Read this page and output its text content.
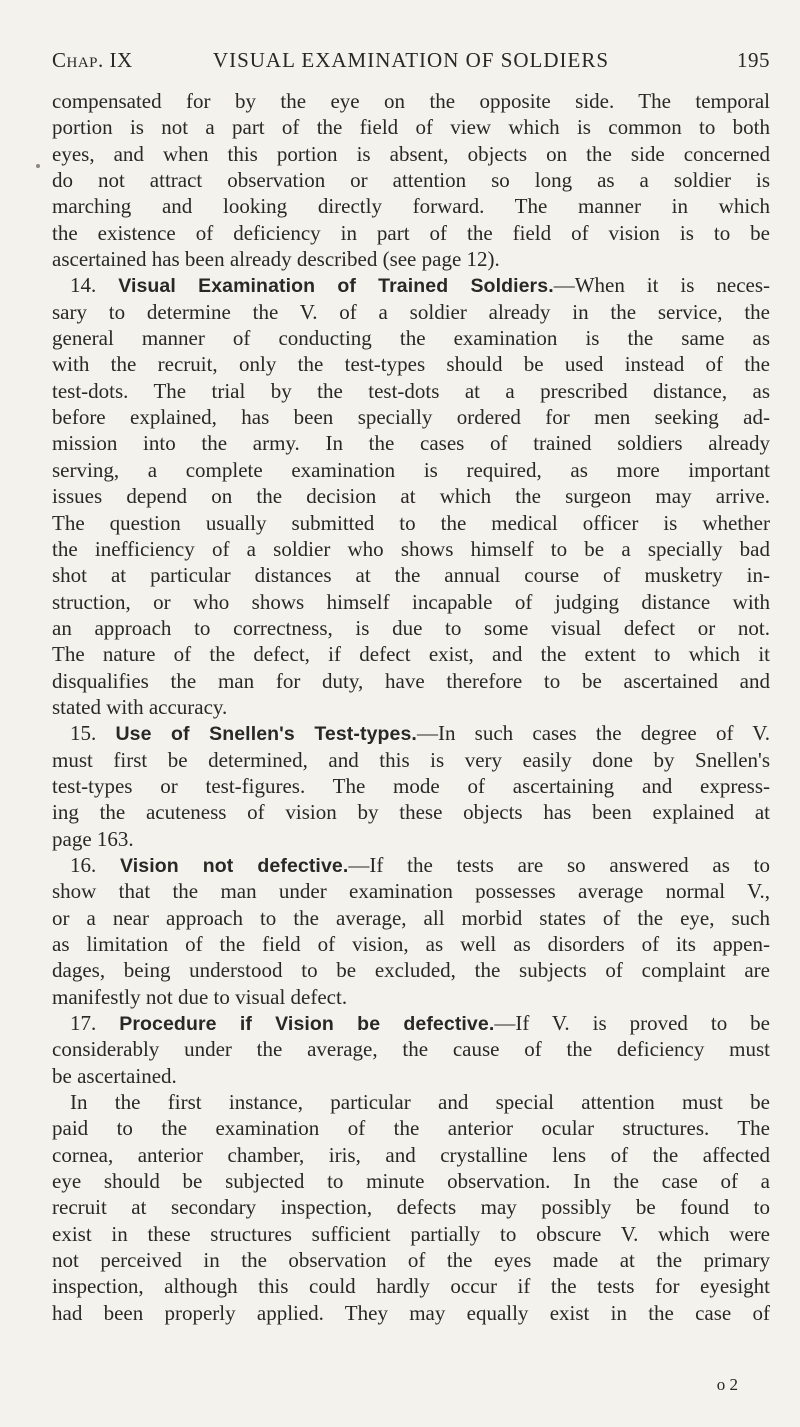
Chap. IX	VISUAL EXAMINATION OF SOLDIERS	195
compensated for by the eye on the opposite side. The temporal
portion is not a part of the field of view which is common to both
eyes, and when this portion is absent, objects on the side concerned
do not attract observation or attention so long as a soldier is
marching and looking directly forward. The manner in which
the existence of deficiency in part of the field of vision is to be
ascertained has been already described (see page 12).
14. Visual Examination of Trained Soldiers.—When it is neces-
sary to determine the V. of a soldier already in the service, the
general manner of conducting the examination is the same as
with the recruit, only the test-types should be used instead of the
test-dots. The trial by the test-dots at a prescribed distance, as
before explained, has been specially ordered for men seeking ad-
mission into the army. In the cases of trained soldiers already
serving, a complete examination is required, as more important
issues depend on the decision at which the surgeon may arrive.
The question usually submitted to the medical officer is whether
the inefficiency of a soldier who shows himself to be a specially bad
shot at particular distances at the annual course of musketry in-
struction, or who shows himself incapable of judging distance with
an approach to correctness, is due to some visual defect or not.
The nature of the defect, if defect exist, and the extent to which it
disqualifies the man for duty, have therefore to be ascertained and
stated with accuracy.
15. Use of Snellen's Test-types.—In such cases the degree of V.
must first be determined, and this is very easily done by Snellen's
test-types or test-figures. The mode of ascertaining and express-
ing the acuteness of vision by these objects has been explained at
page 163.
16. Vision not defective.—If the tests are so answered as to
show that the man under examination possesses average normal V.,
or a near approach to the average, all morbid states of the eye, such
as limitation of the field of vision, as well as disorders of its appen-
dages, being understood to be excluded, the subjects of complaint are
manifestly not due to visual defect.
17. Procedure if Vision be defective.—If V. is proved to be
considerably under the average, the cause of the deficiency must
be ascertained.
In the first instance, particular and special attention must be
paid to the examination of the anterior ocular structures. The
cornea, anterior chamber, iris, and crystalline lens of the affected
eye should be subjected to minute observation. In the case of a
recruit at secondary inspection, defects may possibly be found to
exist in these structures sufficient partially to obscure V. which were
not perceived in the observation of the eyes made at the primary
inspection, although this could hardly occur if the tests for eyesight
had been properly applied. They may equally exist in the case of
o 2
